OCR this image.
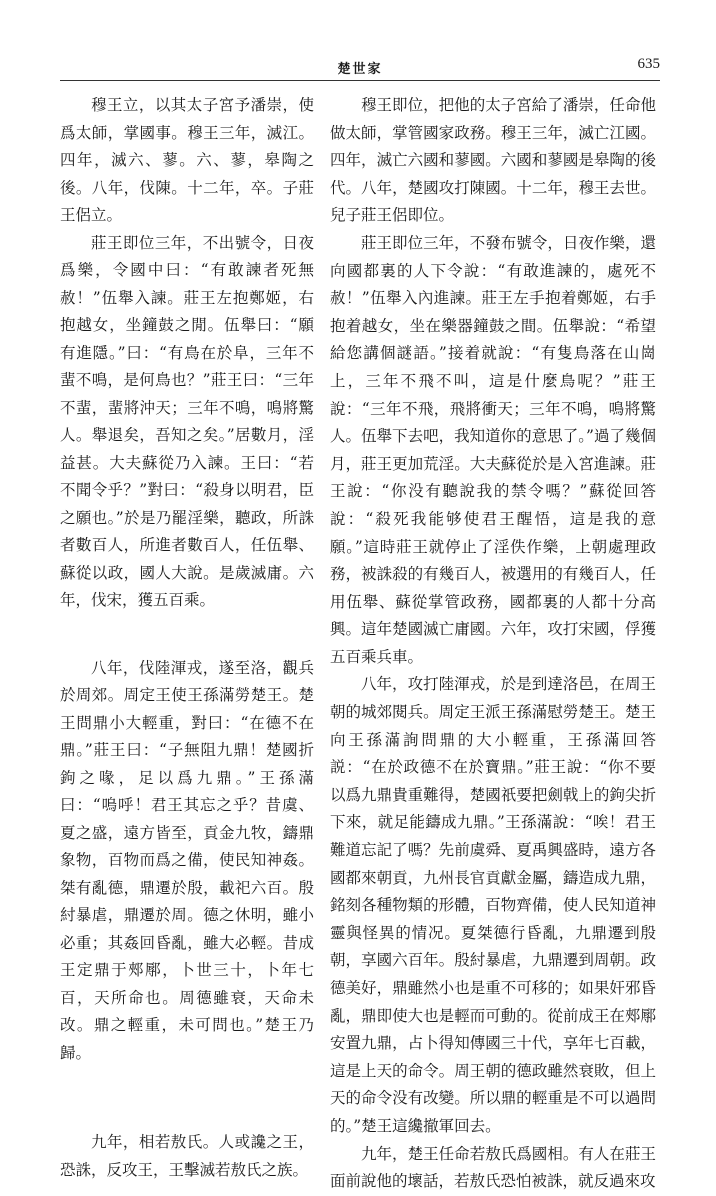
楚世家	635

穆王立，以其太子宮予潘崇，使爲太師，掌國事。穆王三年，滅江。四年，滅六、蓼。六、蓼，皋陶之後。八年，伐陳。十二年，卒。子莊王侶立。

莊王即位三年，不出號令，日夜爲樂，令國中曰：“有敢諫者死無赦！”伍舉入諫。莊王左抱鄭姬，右抱越女，坐鐘鼓之閒。伍舉曰：“願有進隱。”曰：“有鳥在於阜，三年不蜚不鳴，是何鳥也？”莊王曰：“三年不蜚，蜚將沖天；三年不鳴，鳴將驚人。舉退矣，吾知之矣。”居數月，淫益甚。大夫蘇從乃入諫。王曰：“若不聞令乎？”對曰：“殺身以明君，臣之願也。”於是乃罷淫樂，聽政，所誅者數百人，所進者數百人，任伍舉、蘇從以政，國人大說。是歲滅庸。六年，伐宋，獲五百乘。

八年，伐陸渾戎，遂至洛，觀兵於周郊。周定王使王孫滿勞楚王。楚王問鼎小大輕重，對曰：“在德不在鼎。”莊王曰：“子無阻九鼎！楚國折鉤之喙，足以爲九鼎。”王孫滿曰：“嗚呼！君王其忘之乎？昔虞、夏之盛，遠方皆至，貢金九牧，鑄鼎象物，百物而爲之備，使民知神姦。桀有亂德，鼎遷於殷，載祀六百。殷紂暴虐，鼎遷於周。德之休明，雖小必重；其姦回昏亂，雖大必輕。昔成王定鼎于郟鄏，卜世三十，卜年七百，天所命也。周德雖衰，天命未改。鼎之輕重，未可問也。”楚王乃歸。

九年，相若敖氏。人或讒之王，恐誅，反攻王，王擊滅若敖氏之族。

穆王即位，把他的太子宮給了潘崇，任命他做太師，掌管國家政務。穆王三年，滅亡江國。四年，滅亡六國和蓼國。六國和蓼國是皋陶的後代。八年，楚國攻打陳國。十二年，穆王去世。兒子莊王侶即位。

莊王即位三年，不發布號令，日夜作樂，還向國都裏的人下令說：“有敢進諫的，處死不赦！”伍舉入內進諫。莊王左手抱着鄭姬，右手抱着越女，坐在樂器鐘鼓之間。伍舉說：“希望給您講個謎語。”接着就說：“有隻鳥落在山崗上，三年不飛不叫，這是什麼鳥呢？”莊王說：“三年不飛，飛將衝天；三年不鳴，鳴將驚人。伍舉下去吧，我知道你的意思了。”過了幾個月，莊王更加荒淫。大夫蘇從於是入宮進諫。莊王說：“你没有聽說我的禁令嗎？”蘇從回答說：“殺死我能够使君王醒悟，這是我的意願。”這時莊王就停止了淫佚作樂，上朝處理政務，被誅殺的有幾百人，被選用的有幾百人，任用伍舉、蘇從掌管政務，國都裏的人都十分高興。這年楚國滅亡庸國。六年，攻打宋國，俘獲五百乘兵車。

八年，攻打陸渾戎，於是到達洛邑，在周王朝的城郊閱兵。周定王派王孫滿慰勞楚王。楚王向王孫滿詢問鼎的大小輕重，王孫滿回答説：“在於政德不在於寶鼎。”莊王說：“你不要以爲九鼎貴重難得，楚國祇要把劍戟上的鉤尖折下來，就足能鑄成九鼎。”王孫滿說：“唉！君王難道忘記了嗎？先前虞舜、夏禹興盛時，遠方各國都來朝貢，九州長官貢獻金屬，鑄造成九鼎，銘刻各種物類的形體，百物齊備，使人民知道神靈與怪異的情况。夏桀德行昏亂，九鼎遷到殷朝，享國六百年。殷紂暴虐，九鼎遷到周朝。政德美好，鼎雖然小也是重不可移的；如果奸邪昏亂，鼎即使大也是輕而可動的。從前成王在郟鄏安置九鼎，占卜得知傳國三十代，享年七百載，這是上天的命令。周王朝的德政雖然衰敗，但上天的命令没有改變。所以鼎的輕重是不可以過問的。”楚王這纔撤軍回去。

九年，楚王任命若敖氏爲國相。有人在莊王面前說他的壞話，若敖氏恐怕被誅，就反過來攻
